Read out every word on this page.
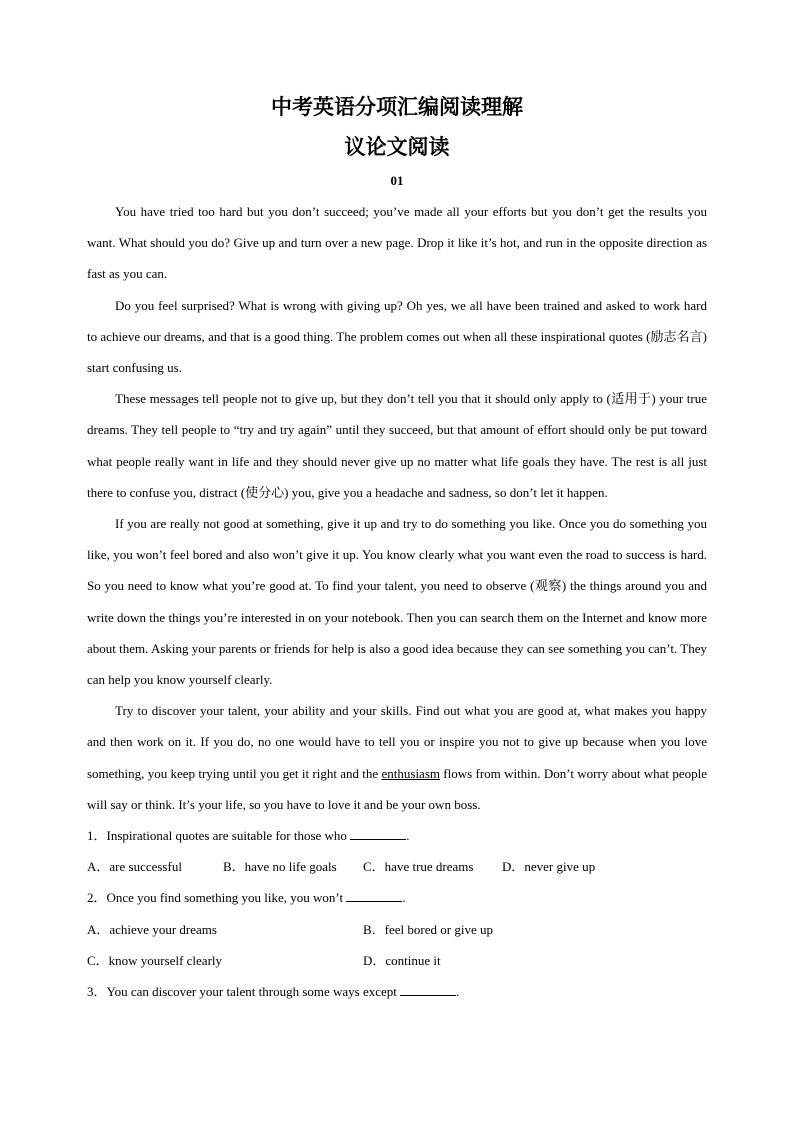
中考英语分项汇编阅读理解
议论文阅读
01

You have tried too hard but you don’t succeed; you’ve made all your efforts but you don’t get the results you want. What should you do? Give up and turn over a new page. Drop it like it’s hot, and run in the opposite direction as fast as you can.

Do you feel surprised? What is wrong with giving up? Oh yes, we all have been trained and asked to work hard to achieve our dreams, and that is a good thing. The problem comes out when all these inspirational quotes (励志名言) start confusing us.

These messages tell people not to give up, but they don’t tell you that it should only apply to (适用于) your true dreams. They tell people to “try and try again” until they succeed, but that amount of effort should only be put toward what people really want in life and they should never give up no matter what life goals they have. The rest is all just there to confuse you, distract (使分心) you, give you a headache and sadness, so don’t let it happen.

If you are really not good at something, give it up and try to do something you like. Once you do something you like, you won’t feel bored and also won’t give it up. You know clearly what you want even the road to success is hard. So you need to know what you’re good at. To find your talent, you need to observe (观察) the things around you and write down the things you’re interested in on your notebook. Then you can search them on the Internet and know more about them. Asking your parents or friends for help is also a good idea because they can see something you can’t. They can help you know yourself clearly.

Try to discover your talent, your ability and your skills. Find out what you are good at, what makes you happy and then work on it. If you do, no one would have to tell you or inspire you not to give up because when you love something, you keep trying until you get it right and the enthusiasm flows from within. Don’t worry about what people will say or think. It’s your life, so you have to love it and be your own boss.

1．Inspirational quotes are suitable for those who	.

A．are successful	B．have no life goals	C．have true dreams	D．never give up

2．Once you find something you like, you won’t	.

A．achieve your dreams	B．feel bored or give up
C．know yourself clearly	D．continue it

3．You can discover your talent through some ways except	.
